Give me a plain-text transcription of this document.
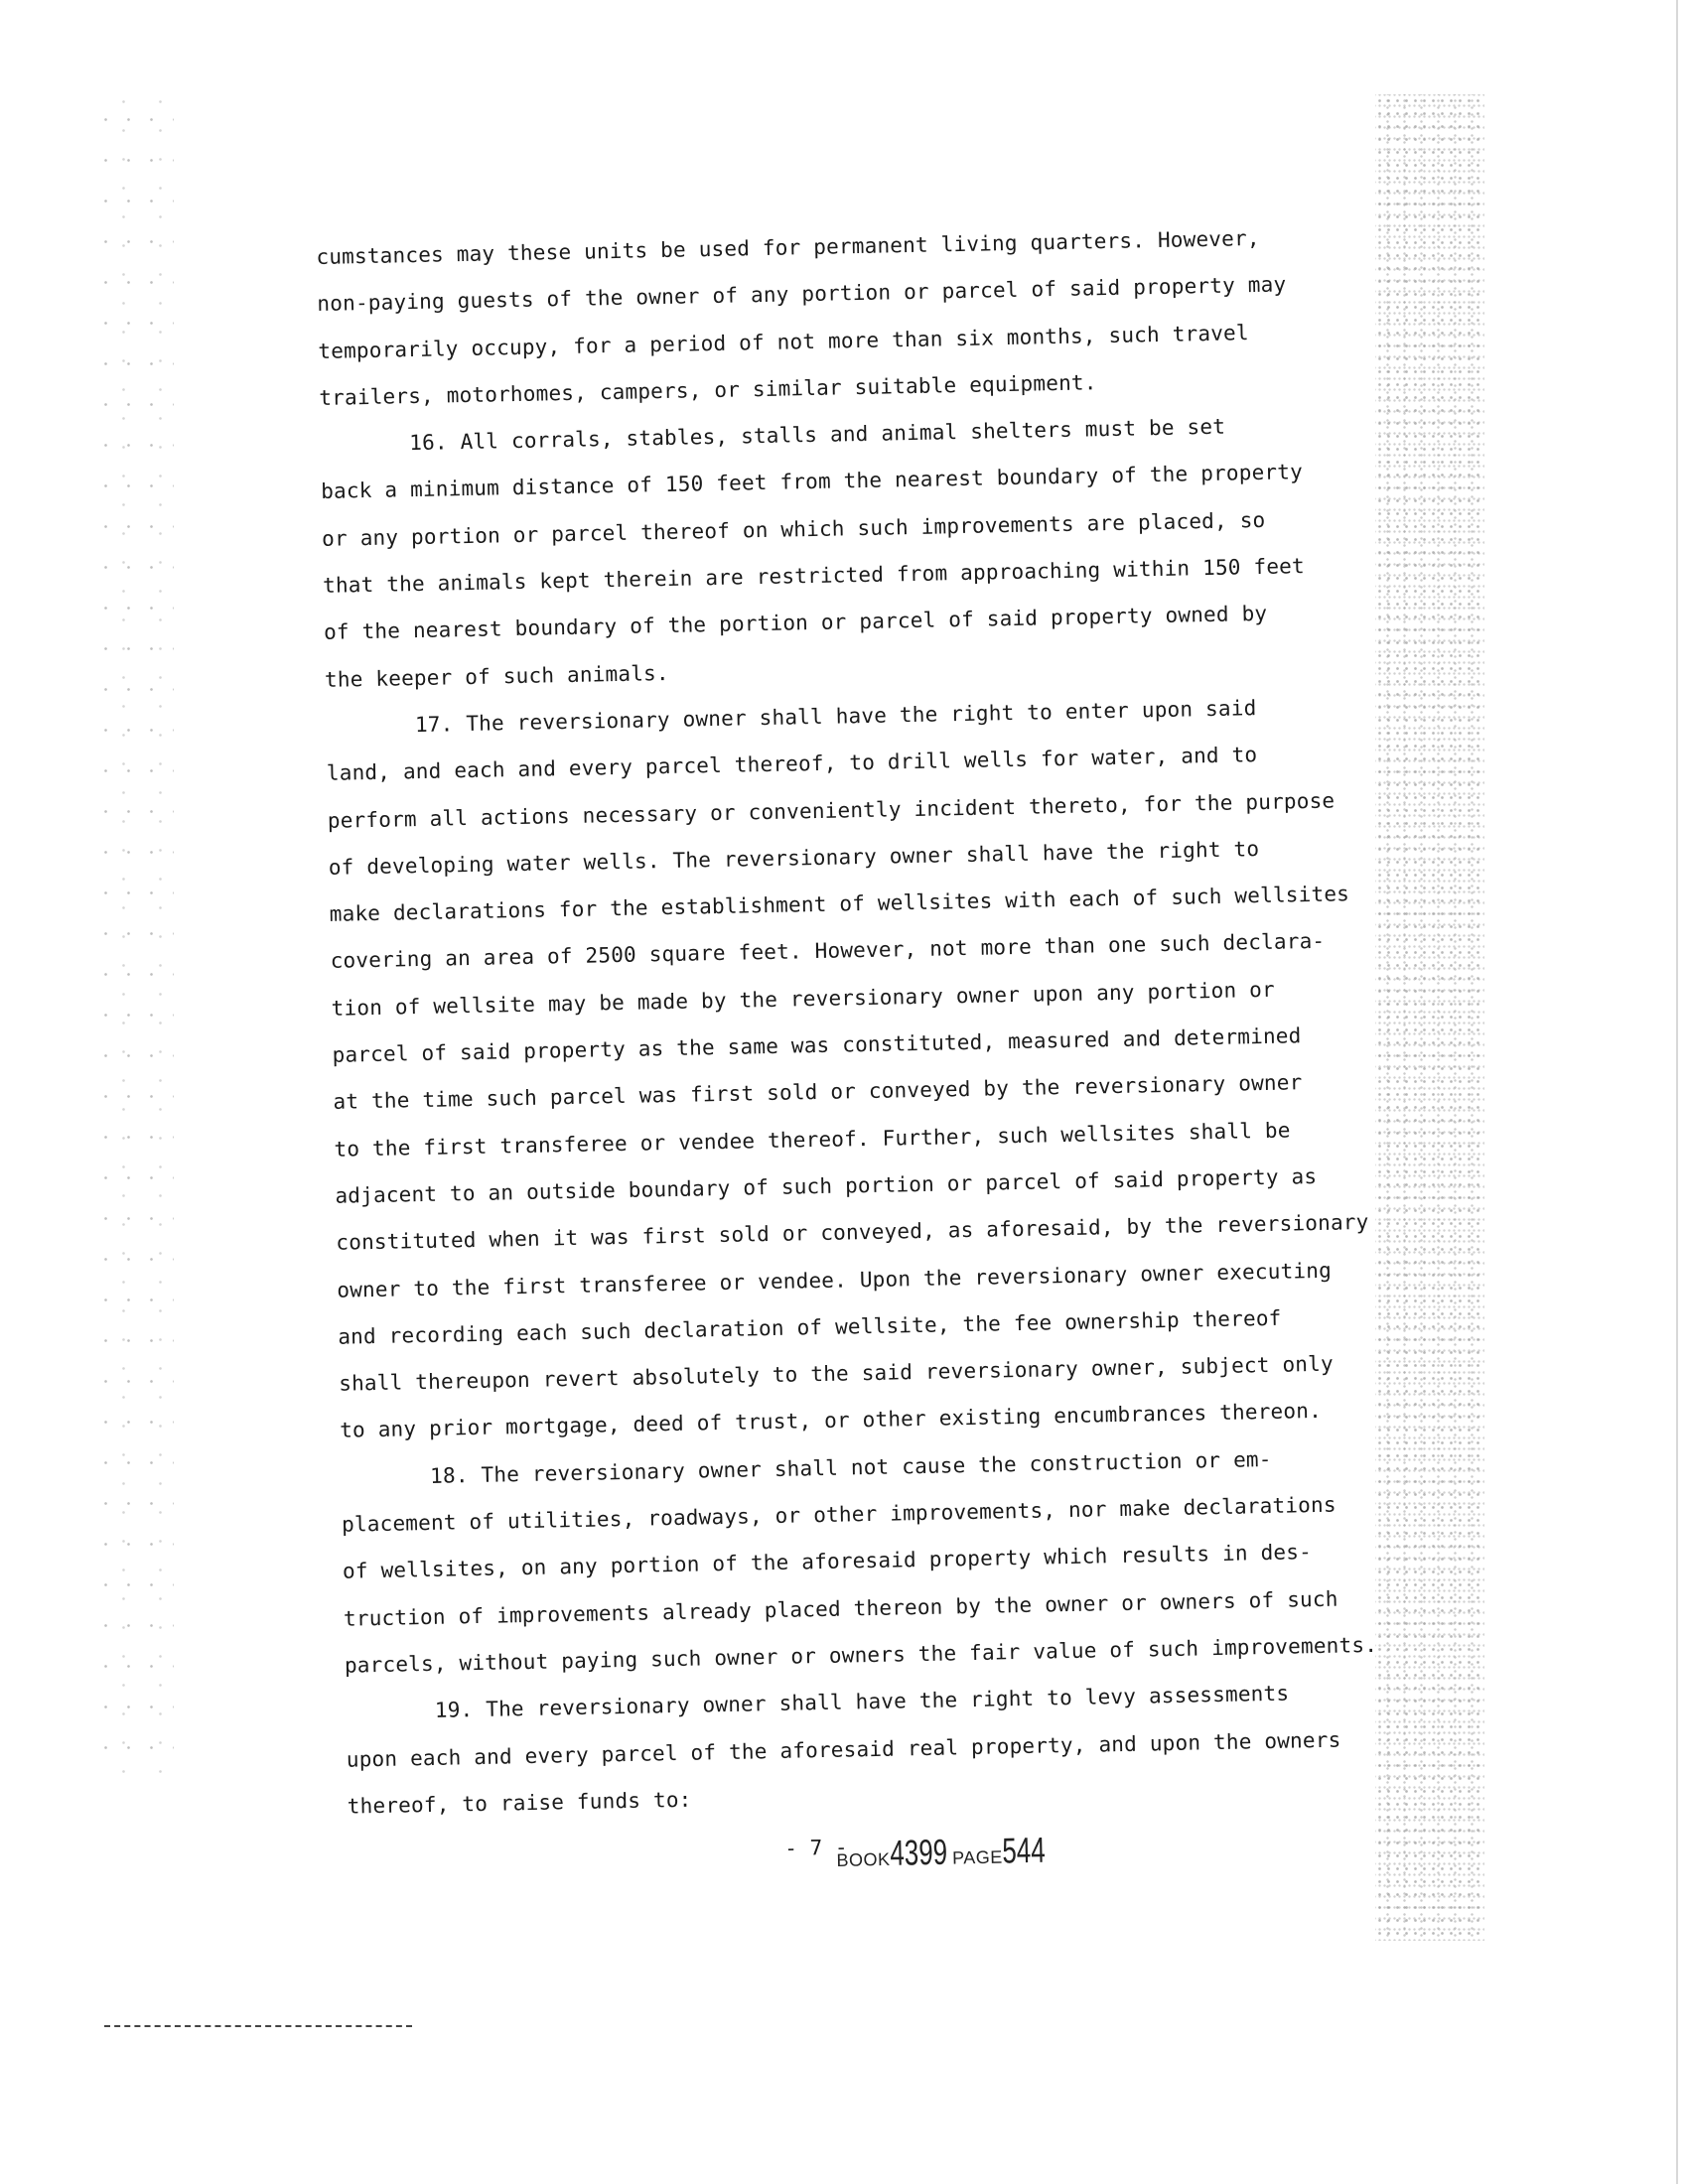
cumstances may these units be used for permanent living quarters. However,
non-paying guests of the owner of any portion or parcel of said property may
temporarily occupy, for a period of not more than six months, such travel
trailers, motorhomes, campers, or similar suitable equipment.
16. All corrals, stables, stalls and animal shelters must be set
back a minimum distance of 150 feet from the nearest boundary of the property
or any portion or parcel thereof on which such improvements are placed, so
that the animals kept therein are restricted from approaching within 150 feet
of the nearest boundary of the portion or parcel of said property owned by
the keeper of such animals.
17. The reversionary owner shall have the right to enter upon said
land, and each and every parcel thereof, to drill wells for water, and to
perform all actions necessary or conveniently incident thereto, for the purpose
of developing water wells. The reversionary owner shall have the right to
make declarations for the establishment of wellsites with each of such wellsites
covering an area of 2500 square feet. However, not more than one such declara-
tion of wellsite may be made by the reversionary owner upon any portion or
parcel of said property as the same was constituted, measured and determined
at the time such parcel was first sold or conveyed by the reversionary owner
to the first transferee or vendee thereof. Further, such wellsites shall be
adjacent to an outside boundary of such portion or parcel of said property as
constituted when it was first sold or conveyed, as aforesaid, by the reversionary
owner to the first transferee or vendee. Upon the reversionary owner executing
and recording each such declaration of wellsite, the fee ownership thereof
shall thereupon revert absolutely to the said reversionary owner, subject only
to any prior mortgage, deed of trust, or other existing encumbrances thereon.
18. The reversionary owner shall not cause the construction or em-
placement of utilities, roadways, or other improvements, nor make declarations
of wellsites, on any portion of the aforesaid property which results in des-
truction of improvements already placed thereon by the owner or owners of such
parcels, without paying such owner or owners the fair value of such improvements.
19. The reversionary owner shall have the right to levy assessments
upon each and every parcel of the aforesaid real property, and upon the owners
thereof, to raise funds to:
- 7 -
BOOK4399 PAGE544
